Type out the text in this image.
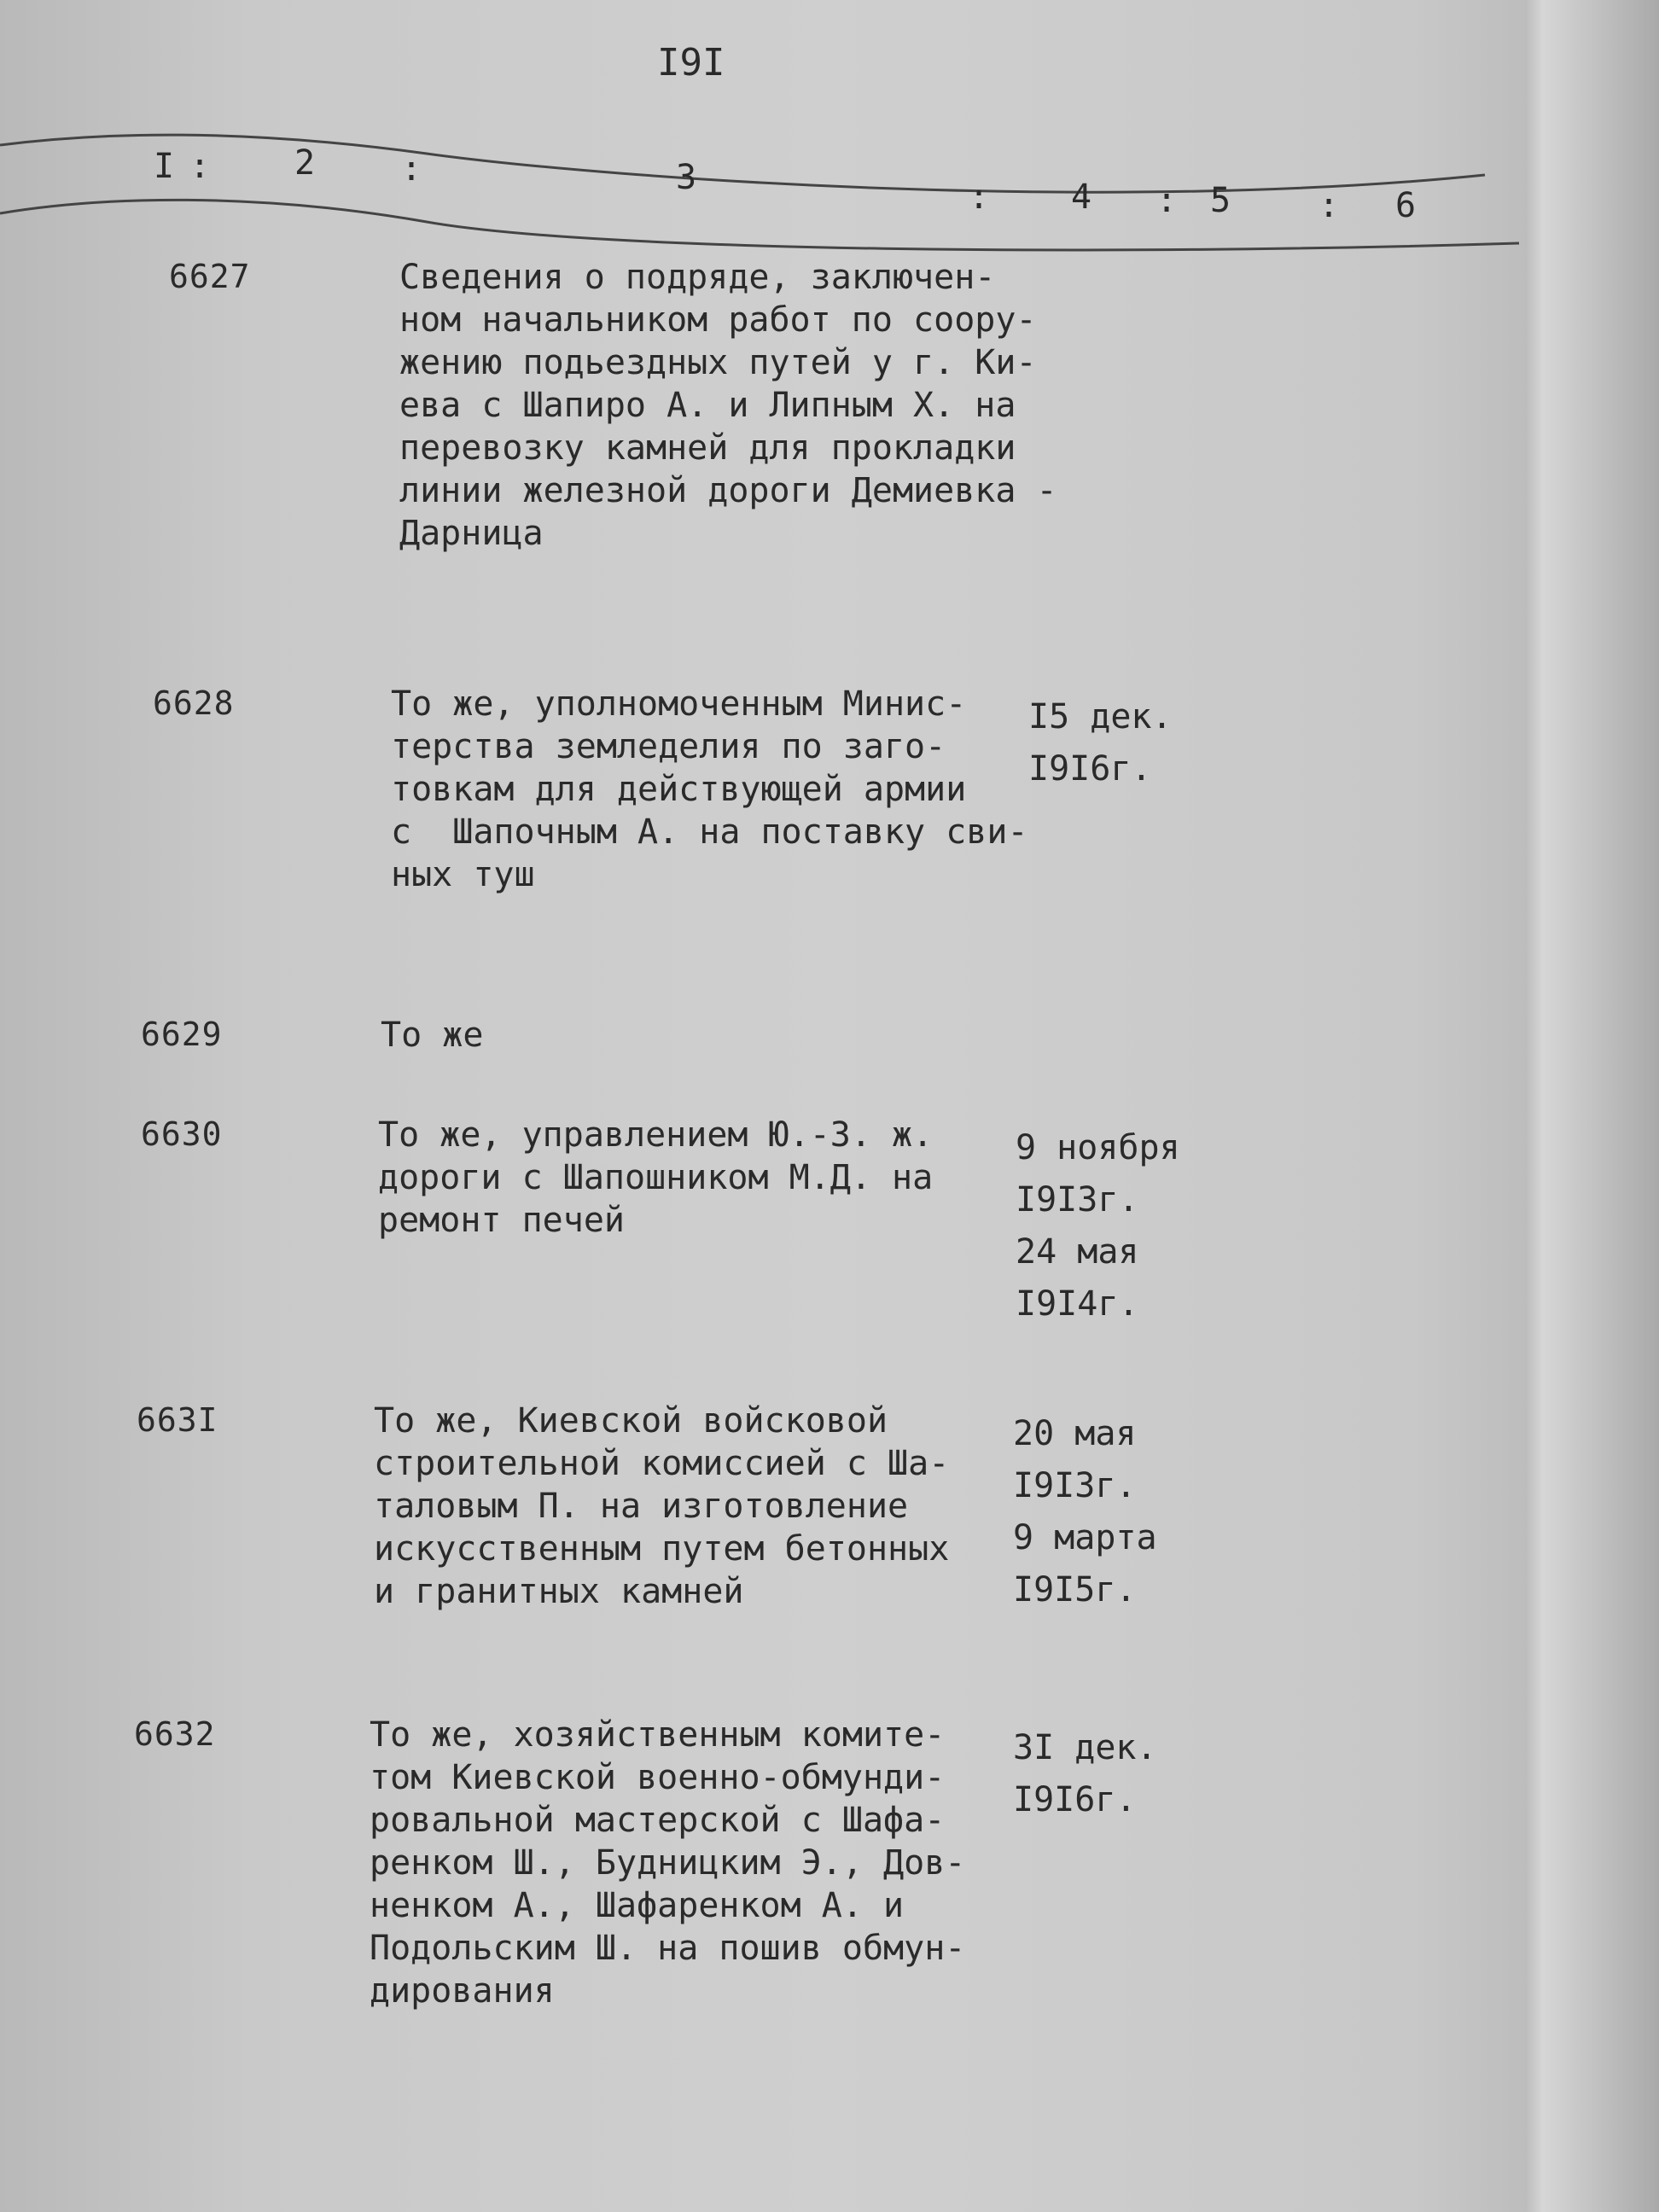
I9I
I : 2	:	3	: 4 : 5	: 6
6627	Сведения о подряде, заключен-
ном начальником работ по соору-
жению подьездных путей у г. Ки-
ева с Шапиро А. и Липным Х. на
перевозку камней для прокладки
линии железной дороги Демиевка -
Дарница
6628	То же, уполномоченным Минис-
терства земледелия по заго-
товкам для действующей армии
с  Шапочным А. на поставку сви-
ных туш
I5 дек.
I9I6г.
6629	То же
6630	То же, управлением Ю.-З. ж.
дороги с Шапошником М.Д. на
ремонт печей
9 ноября
I9I3г.
24 мая
I9I4г.
663I	То же, Киевской войсковой
строительной комиссией с Ша-
таловым П. на изготовление
искусственным путем бетонных
и гранитных камней
20 мая
I9I3г.
9 марта
I9I5г.
6632	То же, хозяйственным комите-
том Киевской военно-обмунди-
ровальной мастерской с Шафа-
ренком Ш., Будницким Э., Дов-
ненком А., Шафаренком А. и
Подольским Ш. на пошив обмун-
дирования
3I дек.
I9I6г.
